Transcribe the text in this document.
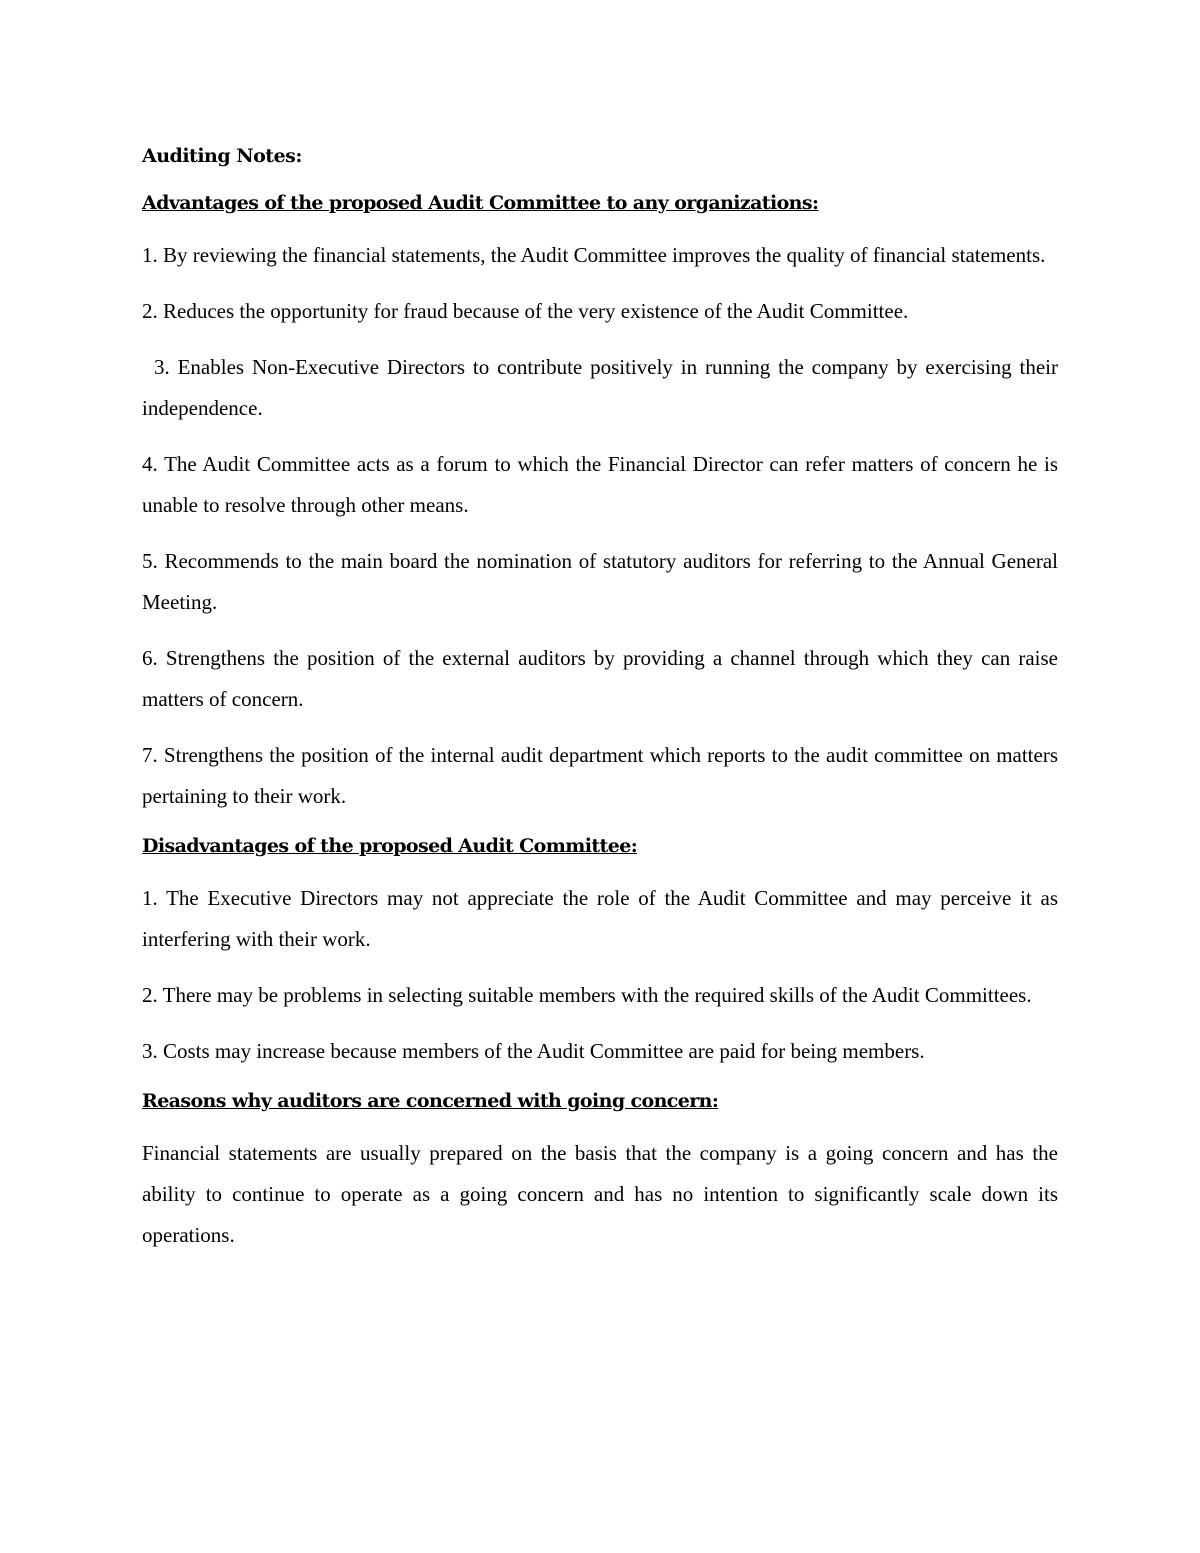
Auditing Notes:
Advantages of the proposed Audit Committee to any organizations:

1. By reviewing the financial statements, the Audit Committee improves the quality of financial statements.

2. Reduces the opportunity for fraud because of the very existence of the Audit Committee.

3. Enables Non-Executive Directors to contribute positively in running the company by exercising their independence.

4. The Audit Committee acts as a forum to which the Financial Director can refer matters of concern he is unable to resolve through other means.

5. Recommends to the main board the nomination of statutory auditors for referring to the Annual General Meeting.

6. Strengthens the position of the external auditors by providing a channel through which they can raise matters of concern.

7. Strengthens the position of the internal audit department which reports to the audit committee on matters pertaining to their work.

Disadvantages of the proposed Audit Committee:

1. The Executive Directors may not appreciate the role of the Audit Committee and may perceive it as interfering with their work.

2. There may be problems in selecting suitable members with the required skills of the Audit Committees.

3. Costs may increase because members of the Audit Committee are paid for being members.

Reasons why auditors are concerned with going concern:

Financial statements are usually prepared on the basis that the company is a going concern and has the ability to continue to operate as a going concern and has no intention to significantly scale down its operations.
